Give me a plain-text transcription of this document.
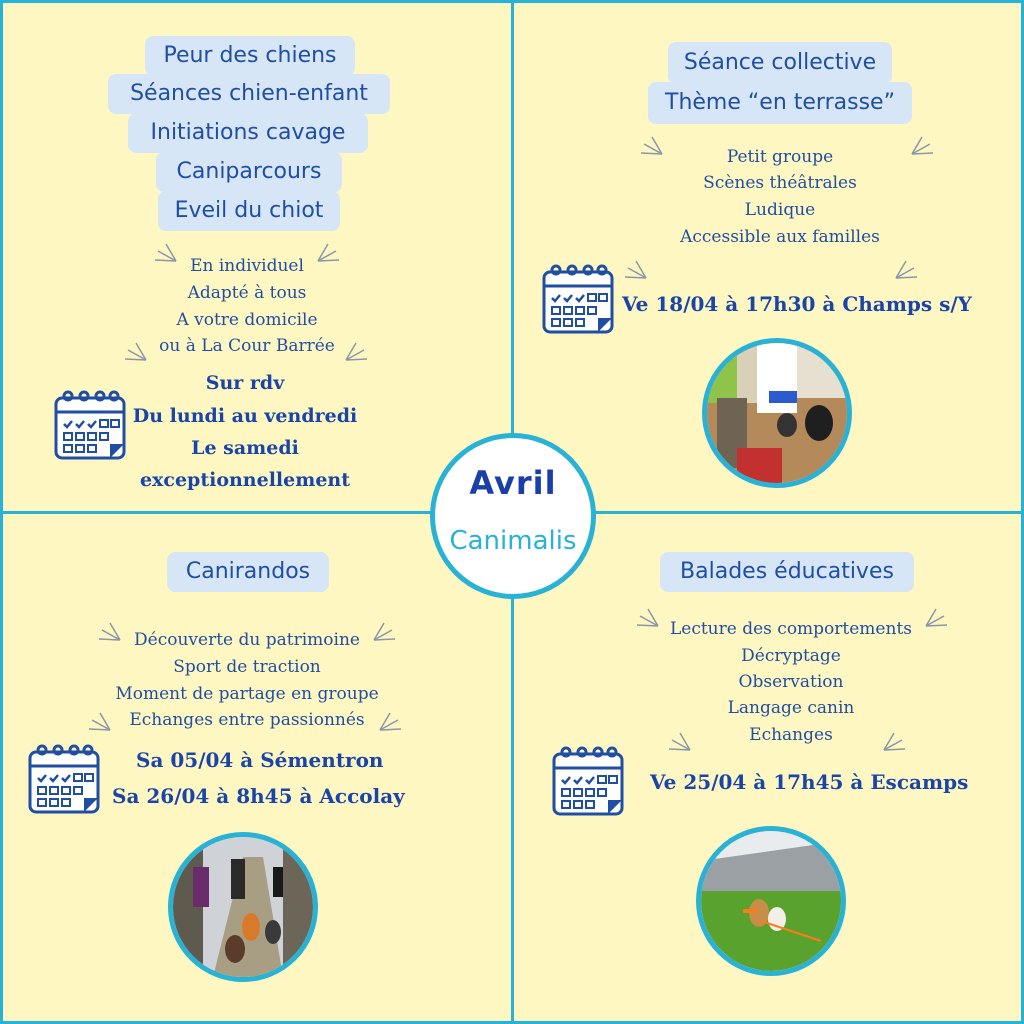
Peur des chiens
Séances chien-enfant
Initiations cavage
Caniparcours
Eveil du chiot
En individuel
Adapté à tous
A votre domicile
ou à La Cour Barrée
Sur rdv
Du lundi au vendredi
Le samedi
exceptionnellement
Séance collective
Thème “en terrasse”
Petit groupe
Scènes théâtrales
Ludique
Accessible aux familles
Ve 18/04 à 17h30 à Champs s/Y
Canirandos
Découverte du patrimoine
Sport de traction
Moment de partage en groupe
Echanges entre passionnés
Sa 05/04 à Sémentron
Sa 26/04 à 8h45 à Accolay
Balades éducatives
Lecture des comportements
Décryptage
Observation
Langage canin
Echanges
Ve 25/04 à 17h45 à Escamps
Avril
Canimalis
